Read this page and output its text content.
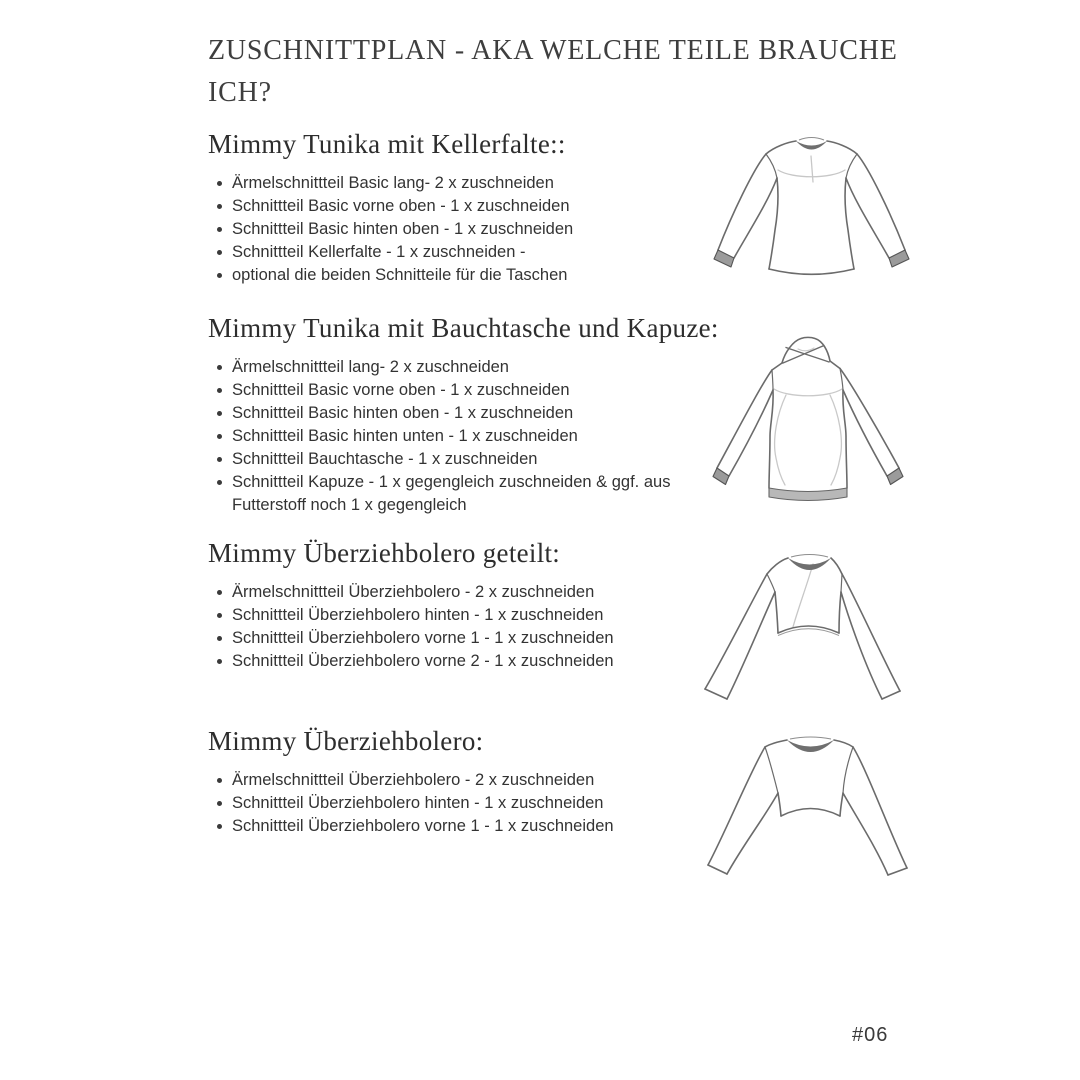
ZUSCHNITTPLAN - AKA WELCHE TEILE BRAUCHE ICH?
Mimmy Tunika mit Kellerfalte::
Ärmelschnittteil Basic lang- 2 x zuschneiden
Schnittteil Basic vorne oben - 1 x zuschneiden
Schnittteil Basic hinten oben - 1 x zuschneiden
Schnittteil Kellerfalte - 1 x zuschneiden -
optional die beiden Schnitteile für die Taschen
Mimmy Tunika mit Bauchtasche und Kapuze:
Ärmelschnittteil lang- 2 x zuschneiden
Schnittteil Basic vorne oben - 1 x zuschneiden
Schnittteil Basic hinten oben - 1 x zuschneiden
Schnittteil Basic hinten unten - 1 x zuschneiden
Schnittteil Bauchtasche - 1 x zuschneiden
Schnittteil Kapuze - 1 x gegengleich zuschneiden & ggf. aus Futterstoff noch 1 x gegengleich
Mimmy Überziehbolero geteilt:
Ärmelschnittteil Überziehbolero - 2 x zuschneiden
Schnittteil Überziehbolero hinten - 1 x zuschneiden
Schnittteil Überziehbolero vorne 1 - 1 x zuschneiden
Schnittteil Überziehbolero vorne 2 - 1 x zuschneiden
Mimmy Überziehbolero:
Ärmelschnittteil Überziehbolero - 2 x zuschneiden
Schnittteil Überziehbolero hinten - 1 x zuschneiden
Schnittteil Überziehbolero vorne 1 - 1 x zuschneiden
#06
